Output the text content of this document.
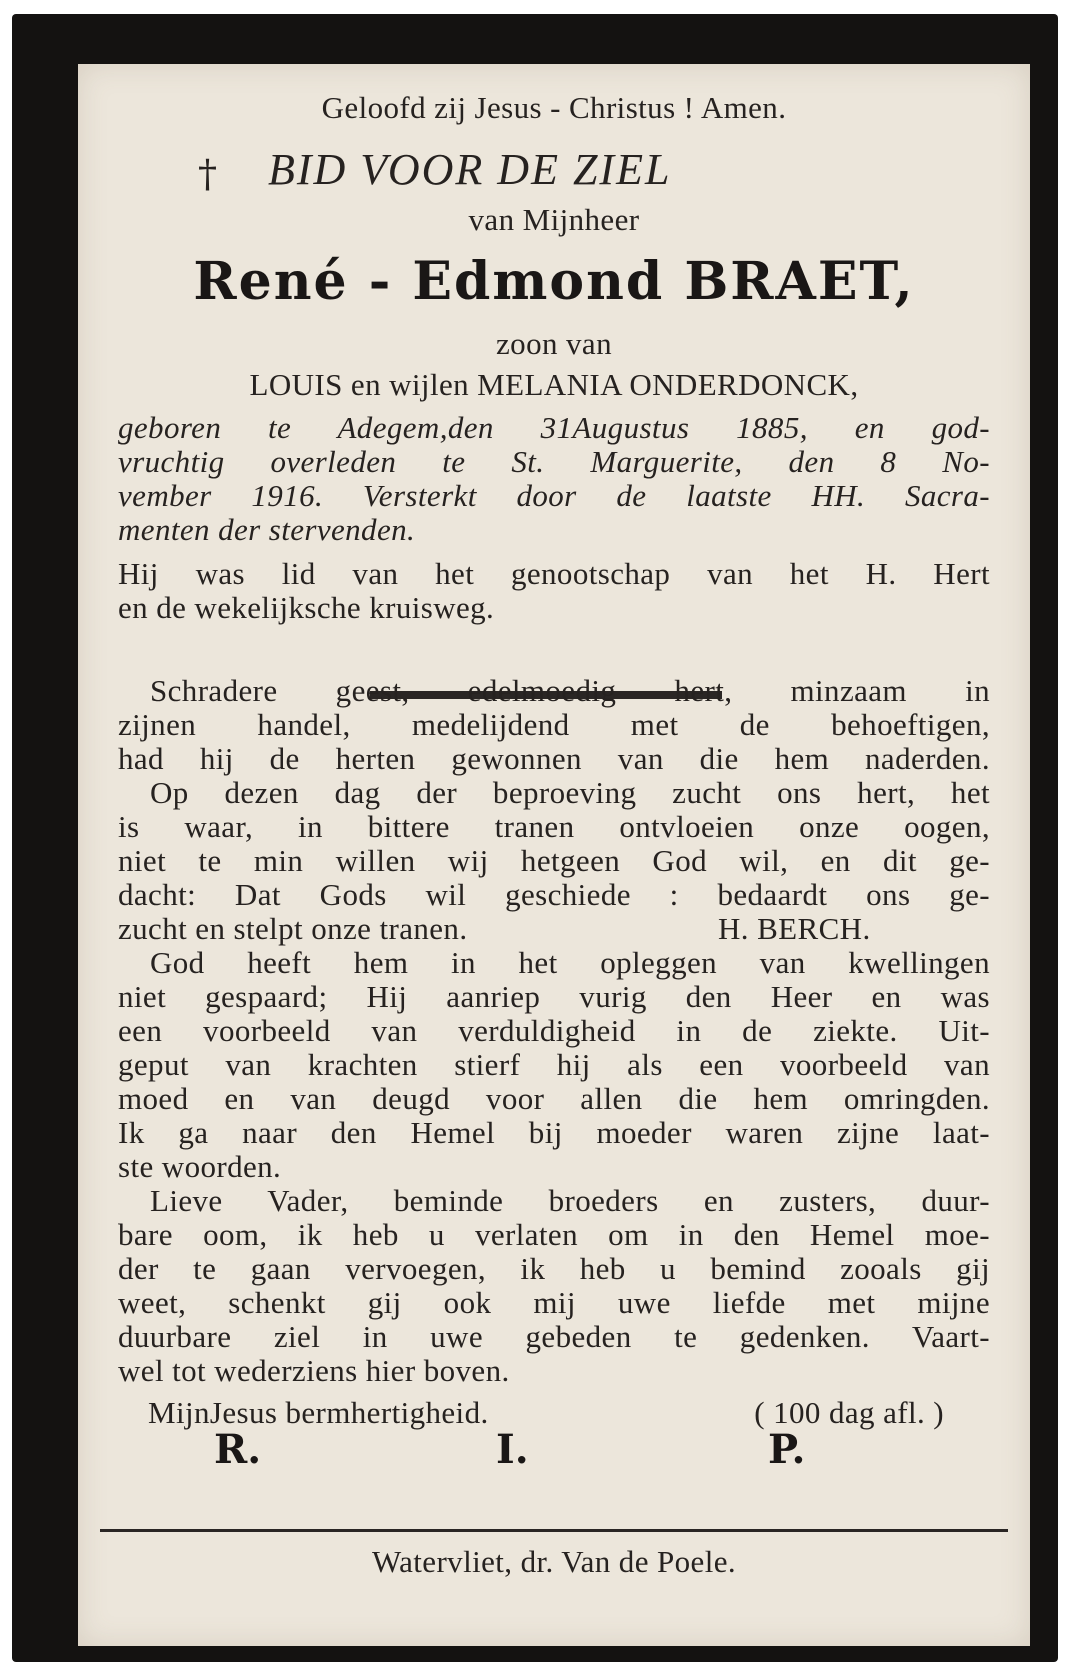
Geloofd zij Jesus - Christus ! Amen.
† BID VOOR DE ZIEL
van Mijnheer
René - Edmond BRAET,
zoon van
LOUIS en wijlen MELANIA ONDERDONCK,
geboren te Adegem,den 31Augustus 1885, en god-
vruchtig overleden te St. Marguerite, den 8 No-
vember 1916. Versterkt door de laatste HH. Sacra-
menten der stervenden.
Hij was lid van het genootschap van het H. Hert
en de wekelijksche kruisweg.
Schradere geest, edelmoedig hert, minzaam in
zijnen handel, medelijdend met de behoeftigen,
had hij de herten gewonnen van die hem naderden.
Op dezen dag der beproeving zucht ons hert, het
is waar, in bittere tranen ontvloeien onze oogen,
niet te min willen wij hetgeen God wil, en dit ge-
dacht: Dat Gods wil geschiede : bedaardt ons ge-
zucht en stelpt onze tranen.	H. BERCH.
God heeft hem in het opleggen van kwellingen
niet gespaard; Hij aanriep vurig den Heer en was
een voorbeeld van verduldigheid in de ziekte. Uit-
geput van krachten stierf hij als een voorbeeld van
moed en van deugd voor allen die hem omringden.
Ik ga naar den Hemel bij moeder waren zijne laat-
ste woorden.
Lieve Vader, beminde broeders en zusters, duur-
bare oom, ik heb u verlaten om in den Hemel moe-
der te gaan vervoegen, ik heb u bemind zooals gij
weet, schenkt gij ook mij uwe liefde met mijne
duurbare ziel in uwe gebeden te gedenken. Vaart-
wel tot wederziens hier boven.
MijnJesus bermhertigheid.	( 100 dag afl. )
R.	I.	P.
Watervliet, dr. Van de Poele.
